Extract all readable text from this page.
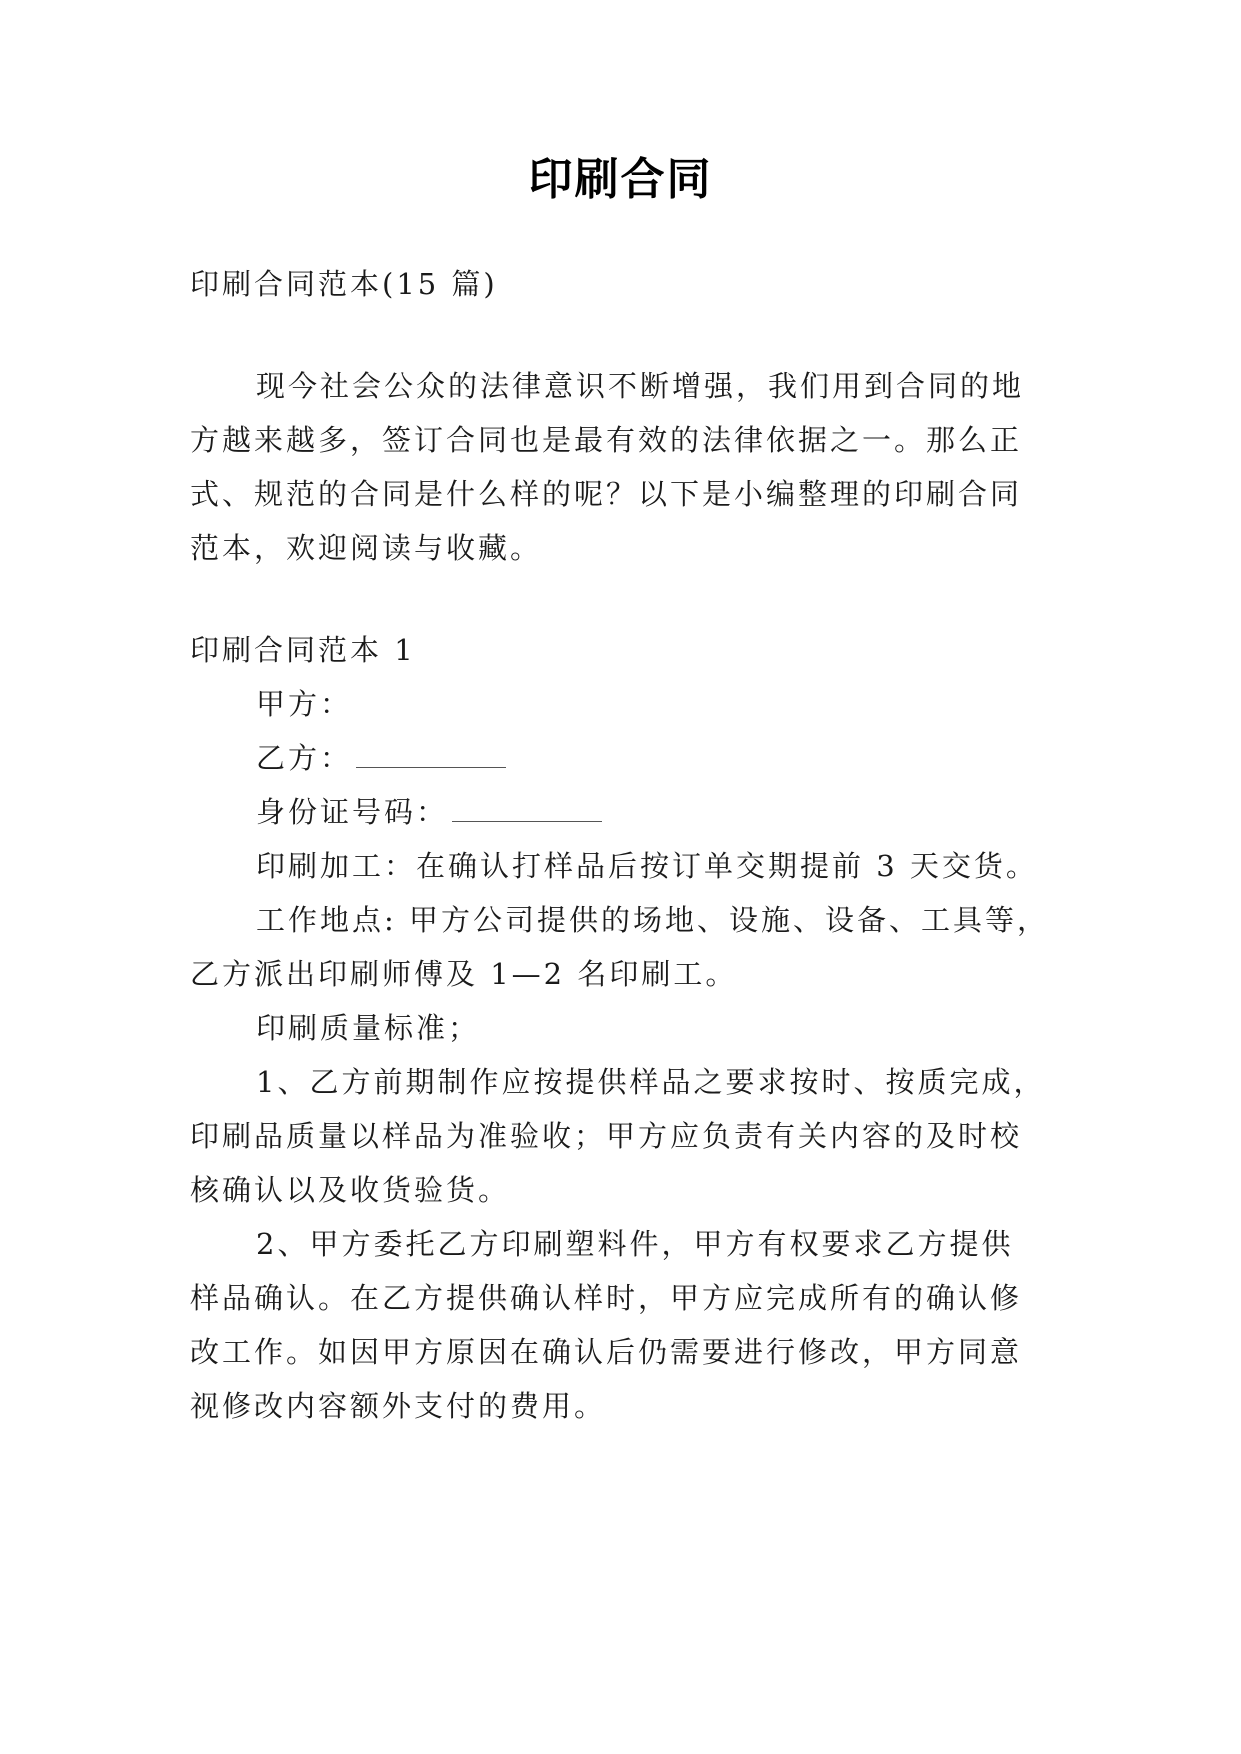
印刷合同
印刷合同范本(15 篇)
现今社会公众的法律意识不断增强，我们用到合同的地
方越来越多，签订合同也是最有效的法律依据之一。那么正
式、规范的合同是什么样的呢？以下是小编整理的印刷合同
范本，欢迎阅读与收藏。
印刷合同范本 1
甲方：
乙方：
身份证号码：
印刷加工：在确认打样品后按订单交期提前 3 天交货。
工作地点: 甲方公司提供的场地、设施、设备、工具等，
乙方派出印刷师傅及 1—2 名印刷工。
印刷质量标准；
1、乙方前期制作应按提供样品之要求按时、按质完成，
印刷品质量以样品为准验收；甲方应负责有关内容的及时校
核确认以及收货验货。
2、甲方委托乙方印刷塑料件，甲方有权要求乙方提供
样品确认。在乙方提供确认样时，甲方应完成所有的确认修
改工作。如因甲方原因在确认后仍需要进行修改，甲方同意
视修改内容额外支付的费用。
